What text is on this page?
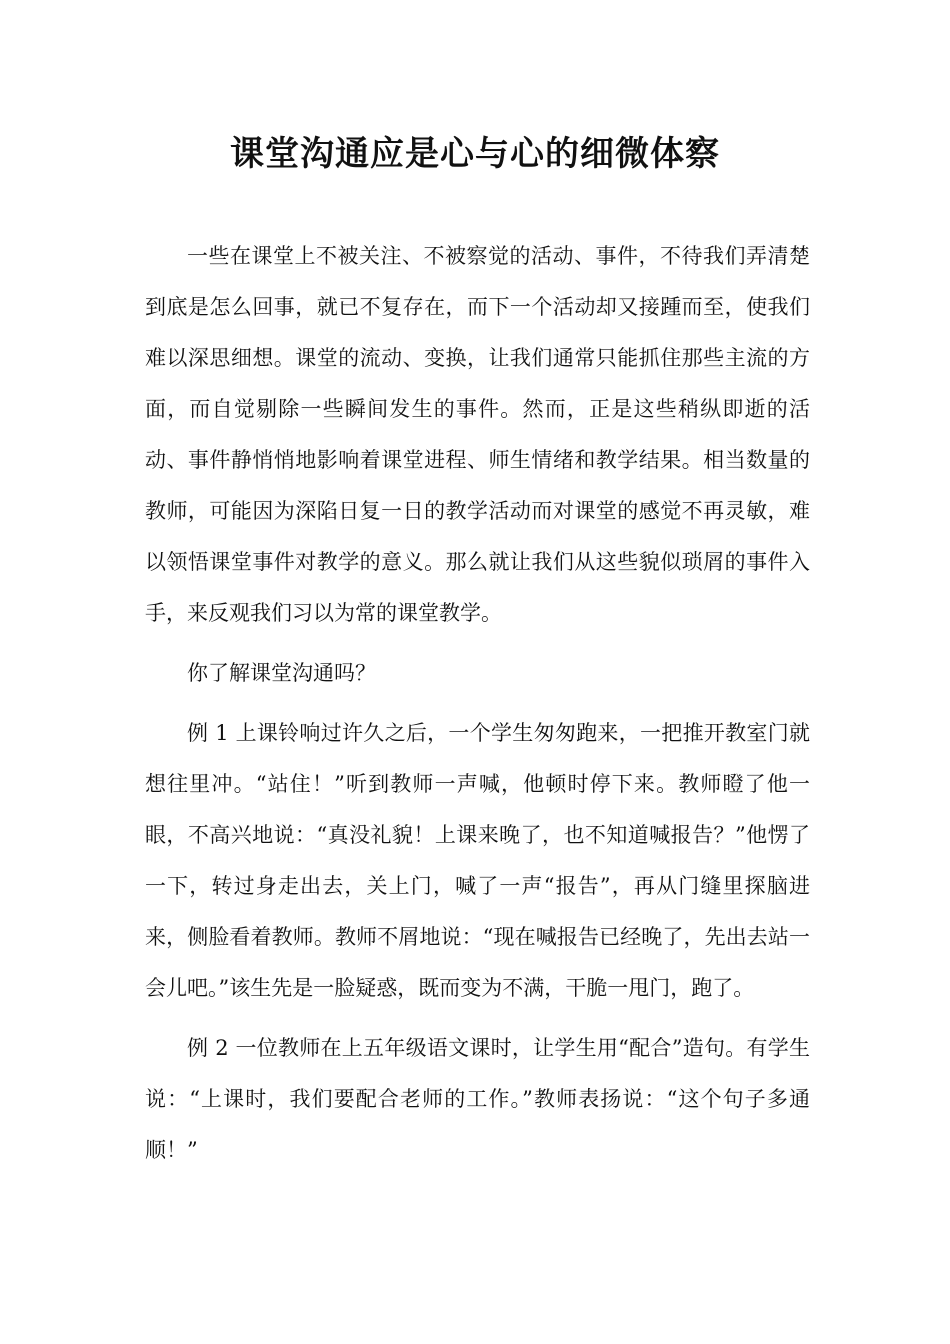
课堂沟通应是心与心的细微体察

一些在课堂上不被关注、不被察觉的活动、事件，不待我们弄清楚到底是怎么回事，就已不复存在，而下一个活动却又接踵而至，使我们难以深思细想。课堂的流动、变换，让我们通常只能抓住那些主流的方面，而自觉剔除一些瞬间发生的事件。然而，正是这些稍纵即逝的活动、事件静悄悄地影响着课堂进程、师生情绪和教学结果。相当数量的教师，可能因为深陷日复一日的教学活动而对课堂的感觉不再灵敏，难以领悟课堂事件对教学的意义。那么就让我们从这些貌似琐屑的事件入手，来反观我们习以为常的课堂教学。

你了解课堂沟通吗？

例 1 上课铃响过许久之后，一个学生匆匆跑来，一把推开教室门就想往里冲。“站住！”听到教师一声喊，他顿时停下来。教师瞪了他一眼，不高兴地说：“真没礼貌！上课来晚了，也不知道喊报告？”他愣了一下，转过身走出去，关上门，喊了一声“报告”，再从门缝里探脑进来，侧脸看着教师。教师不屑地说：“现在喊报告已经晚了，先出去站一会儿吧。”该生先是一脸疑惑，既而变为不满，干脆一甩门，跑了。

例 2 一位教师在上五年级语文课时，让学生用“配合”造句。有学生说：“上课时，我们要配合老师的工作。”教师表扬说：“这个句子多通顺！”
